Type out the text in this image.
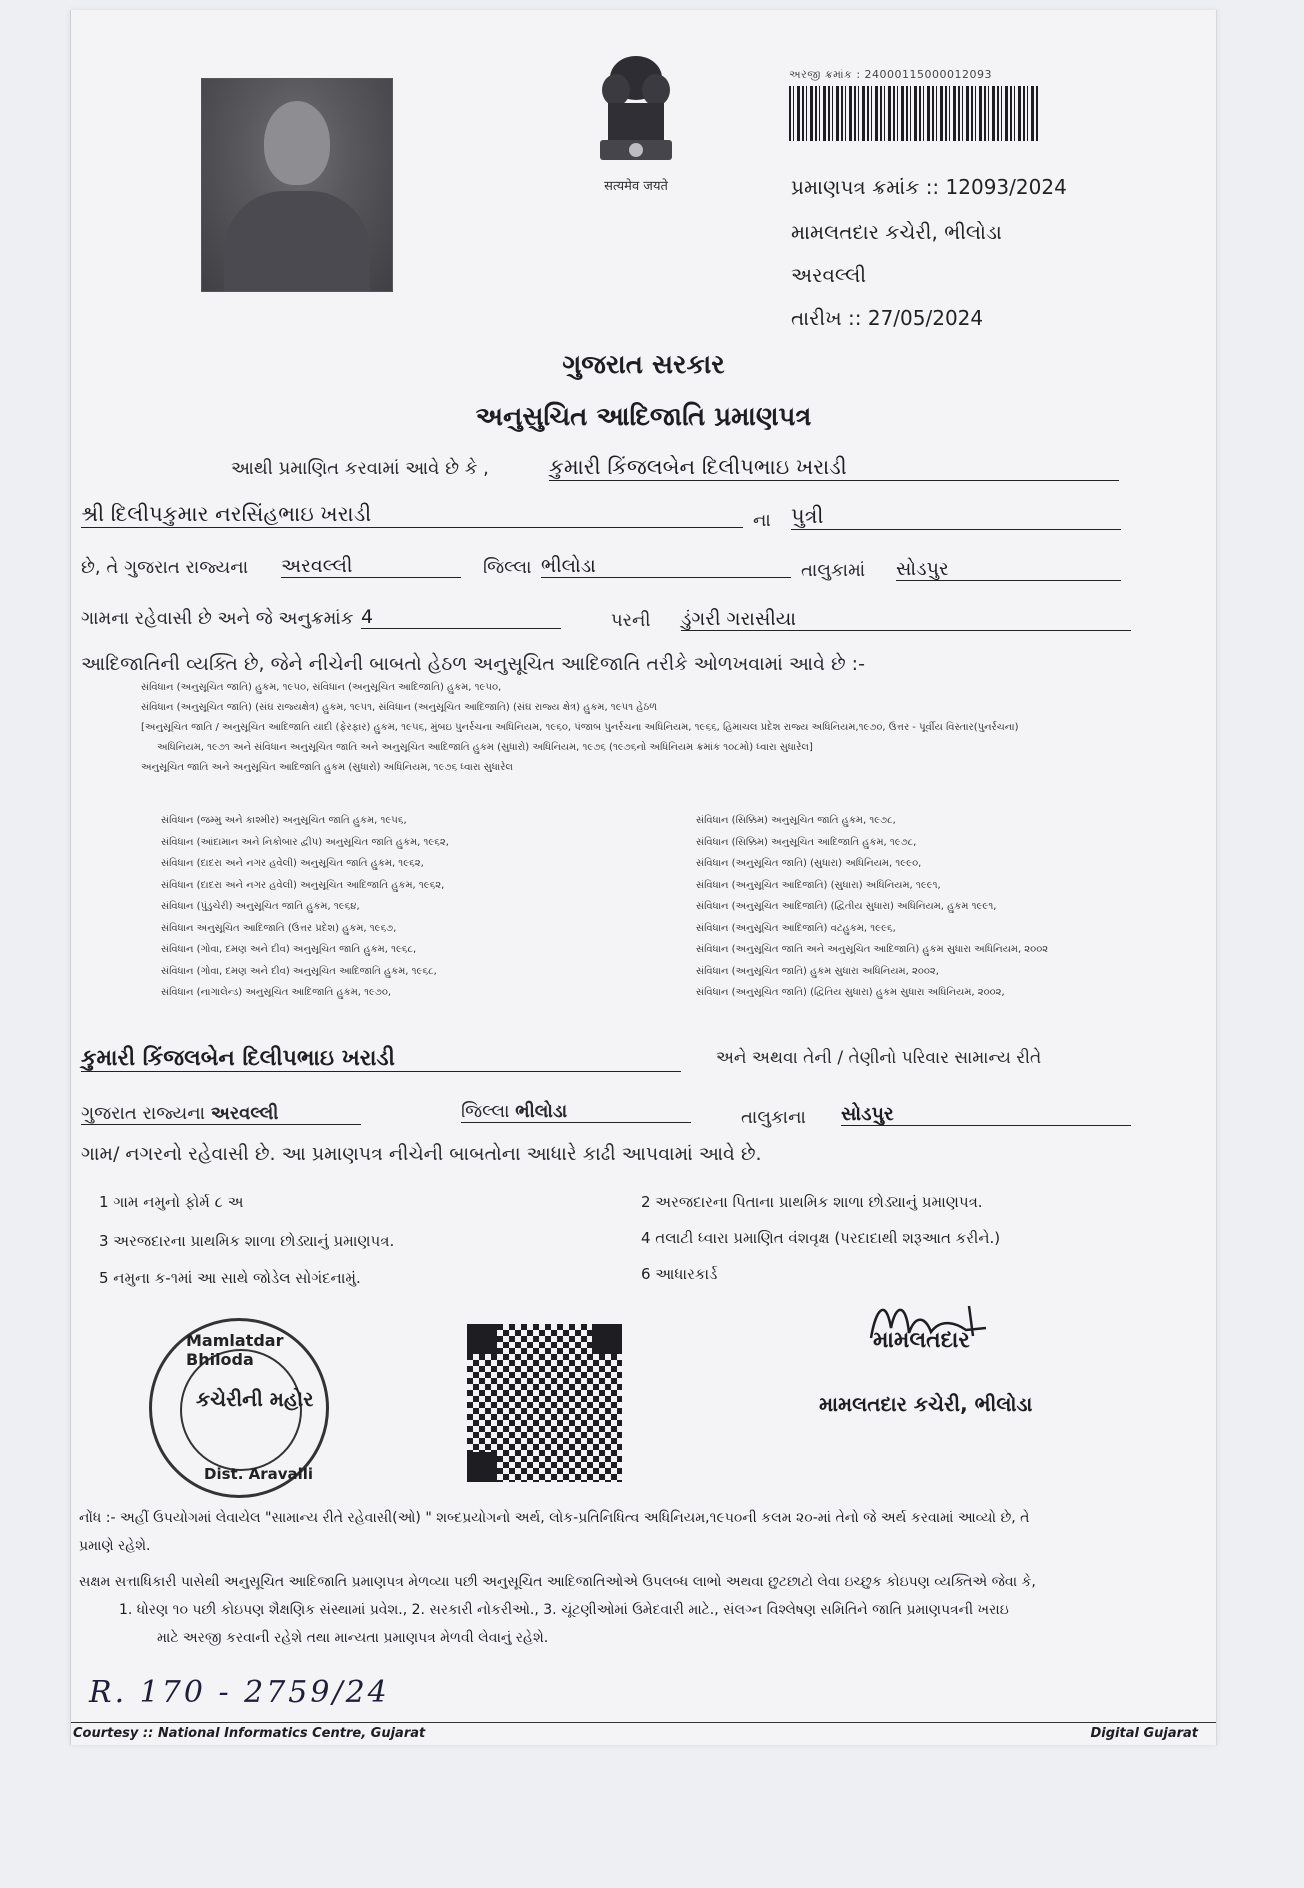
सत्यमेव जयते
અરજી ક્રમાંક : 24000115000012093
પ્રમાણપત્ર ક્રમાંક :: 12093/2024
મામલતદાર કચેરી, ભીલોડા
અરવલ્લી
તારીખ :: 27/05/2024
ગુજરાત સરકાર
અનુસુચિત આદિજાતિ પ્રમાણપત્ર
આથી પ્રમાણિત કરવામાં આવે છે કે ,	કુમારી કિંજલબેન દિલીપભાઇ ખરાડી
શ્રી દિલીપકુમાર નરસિંહભાઇ ખરાડી	ના પુત્રી
છે, તે ગુજરાત રાજ્યના અરવલ્લી	જિલ્લા ભીલોડા	તાલુકામાં સોડપુર
ગામના રહેવાસી છે અને જે અનુક્રમાંક 4	પરની ડુંગરી ગરાસીયા
આદિજાતિની વ્યક્તિ છે, જેને નીચેની બાબતો હેઠળ અનુસૂચિત આદિજાતિ તરીકે ઓળખવામાં આવે છે :-
સંવિધાન (અનુસૂચિત જાતિ) હુકમ, ૧૯૫૦, સંવિધાન (અનુસૂચિત આદિજાતિ) હુકમ, ૧૯૫૦,
સંવિધાન (અનુસૂચિત જાતિ) (સંઘ રાજ્યક્ષેત્ર) હુકમ, ૧૯૫૧, સંવિધાન (અનુસૂચિત આદિજાતિ) (સંઘ રાજ્ય ક્ષેત્ર) હુકમ, ૧૯૫૧ હેઠળ
[અનુસૂચિત જાતિ / અનુસૂચિત આદિજાતિ યાદી (ફેરફાર) હુકમ, ૧૯૫૬, મુંબઇ પુનર્રચના અધિનિયમ, ૧૯૬૦, પંજાબ પુનર્રચના અધિનિયમ, ૧૯૬૬, હિમાચલ પ્રદેશ રાજ્ય અધિનિયમ,૧૯૭૦, ઉત્તર - પૂર્વીય વિસ્તાર(પુનર્રચના)
અધિનિયમ, ૧૯૭૧ અને સંવિધાન અનુસૂચિત જાતિ અને અનુસૂચિત આદિજાતિ હુકમ (સુધારો) અધિનિયમ, ૧૯૭૬ (૧૯૭૬નો અધિનિયમ ક્રમાંક ૧૦૮મો) ધ્વારા સુધારેલ]
અનુસૂચિત જાતિ અને અનુસૂચિત આદિજાતિ હુકમ (સુધારો) અધિનિયમ, ૧૯૭૬ ધ્વારા સુધારેલ
સંવિધાન (જમ્મુ અને કાશ્મીર) અનુસૂચિત જાતિ હુકમ, ૧૯૫૬,
સંવિધાન (આંદામાન અને નિકોબાર દ્વીપ) અનુસૂચિત જાતિ હુકમ, ૧૯૬૨,
સંવિધાન (દાદરા અને નગર હવેલી) અનુસૂચિત જાતિ હુકમ, ૧૯૬૨,
સંવિધાન (દાદરા અને નગર હવેલી) અનુસૂચિત આદિજાતિ હુકમ, ૧૯૬૨,
સંવિધાન (પુંડુચેરી) અનુસૂચિત જાતિ હુકમ, ૧૯૬૪,
સંવિધાન અનુસૂચિત આદિજાતિ (ઉત્તર પ્રદેશ) હુકમ, ૧૯૬૭,
સંવિધાન (ગોવા, દમણ અને દીવ) અનુસૂચિત જાતિ હુકમ, ૧૯૬૮,
સંવિધાન (ગોવા, દમણ અને દીવ) અનુસૂચિત આદિજાતિ હુકમ, ૧૯૬૮,
સંવિધાન (નાગાલેન્ડ) અનુસૂચિત આદિજાતિ હુકમ, ૧૯૭૦,
સંવિધાન (સિક્કિમ) અનુસૂચિત જાતિ હુકમ, ૧૯૭૮,
સંવિધાન (સિક્કિમ) અનુસૂચિત આદિજાતિ હુકમ, ૧૯૭૮,
સંવિધાન (અનુસૂચિત જાતિ) (સુધારા) અધિનિયમ, ૧૯૯૦,
સંવિધાન (અનુસૂચિત આદિજાતિ) (સુધારા) અધિનિયમ, ૧૯૯૧,
સંવિધાન (અનુસૂચિત આદિજાતિ) (દ્વિતીય સુધારા) અધિનિયમ, હુકમ ૧૯૯૧,
સંવિધાન (અનુસૂચિત આદિજાતિ) વટહુકમ, ૧૯૯૬,
સંવિધાન (અનુસૂચિત જાતિ અને અનુસૂચિત આદિજાતિ) હુકમ સુધારા અધિનિયમ, ૨૦૦૨
સંવિધાન (અનુસૂચિત જાતિ) હુકમ સુધારા અધિનિયમ, ૨૦૦૨,
સંવિધાન (અનુસૂચિત જાતિ) (દ્વિતિય સુધારા) હુકમ સુધારા અધિનિયમ, ૨૦૦૨,
કુમારી કિંજલબેન દિલીપભાઇ ખરાડી	અને અથવા તેની / તેણીનો પરિવાર સામાન્ય રીતે
ગુજરાત રાજ્યના અરવલ્લી	જિલ્લા ભીલોડા	તાલુકાના સોડપુર
ગામ/ નગરનો રહેવાસી છે. આ પ્રમાણપત્ર નીચેની બાબતોના આધારે કાઢી આપવામાં આવે છે.
1 ગામ નમુનો ફોર્મ ૮ અ	2 અરજદારના પિતાના પ્રાથમિક શાળા છોડ્યાનું પ્રમાણપત્ર.
3 અરજદારના પ્રાથમિક શાળા છોડ્યાનું પ્રમાણપત્ર.	4 તલાટી ધ્વારા પ્રમાણિત વંશવૃક્ષ (પરદાદાથી શરૂઆત કરીને.)
5 નમુના ક-૧માં આ સાથે જોડેલ સોગંદનામું.	6 આધારકાર્ડ
Mamlatdar Bhiloda
કચેરીની મહોર
Dist. Aravalli
મામલતદાર
મામલતદાર કચેરી, ભીલોડા
નોંધ :- અહીં ઉપયોગમાં લેવાયેલ "સામાન્ય રીતે રહેવાસી(ઓ) " શબ્દપ્રયોગનો અર્થ, લોક-પ્રતિનિધિત્વ અધિનિયમ,૧૯૫૦ની કલમ ૨૦-માં તેનો જે અર્થ કરવામાં આવ્યો છે, તે
પ્રમાણે રહેશે.
સક્ષમ સત્તાધિકારી પાસેથી અનુસૂચિત આદિજાતિ પ્રમાણપત્ર મેળવ્યા પછી અનુસૂચિત આદિજાતિઓએ ઉપલબ્ધ લાભો અથવા છુટછાટો લેવા ઇચ્છુક કોઇપણ વ્યક્તિએ જેવા કે,
1. ધોરણ ૧૦ પછી કોઇપણ શૈક્ષણિક સંસ્થામાં પ્રવેશ., 2. સરકારી નોકરીઓ., 3. ચૂંટણીઓમાં ઉમેદવારી માટે., સંલગ્ન વિશ્લેષણ સમિતિને જાતિ પ્રમાણપત્રની ખરાઇ
માટે અરજી કરવાની રહેશે તથા માન્યતા પ્રમાણપત્ર મેળવી લેવાનું રહેશે.
R. 170 - 2759/24
Courtesy :: National Informatics Centre, Gujarat	Digital Gujarat
